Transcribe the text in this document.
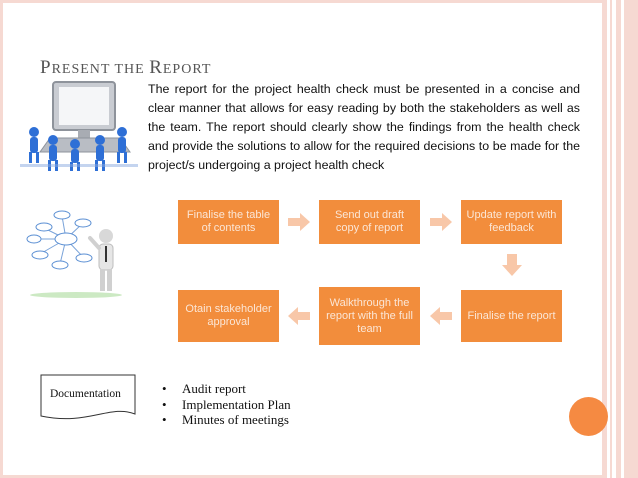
PRESENT THE REPORT

The report for the project health check must be presented in a concise and clear manner that allows for easy reading by both the stakeholders as well as the team. The report should clearly show the findings from the health check and provide the solutions to allow for the required decisions to be made for the project/s undergoing a project health check

Finalise the table of contents
Send out draft copy of report
Update report with feedback
Finalise the report
Walkthrough the report with the full team
Otain stakeholder approval
Documentation	• Audit report
• Implementation Plan
• Minutes of meetings
